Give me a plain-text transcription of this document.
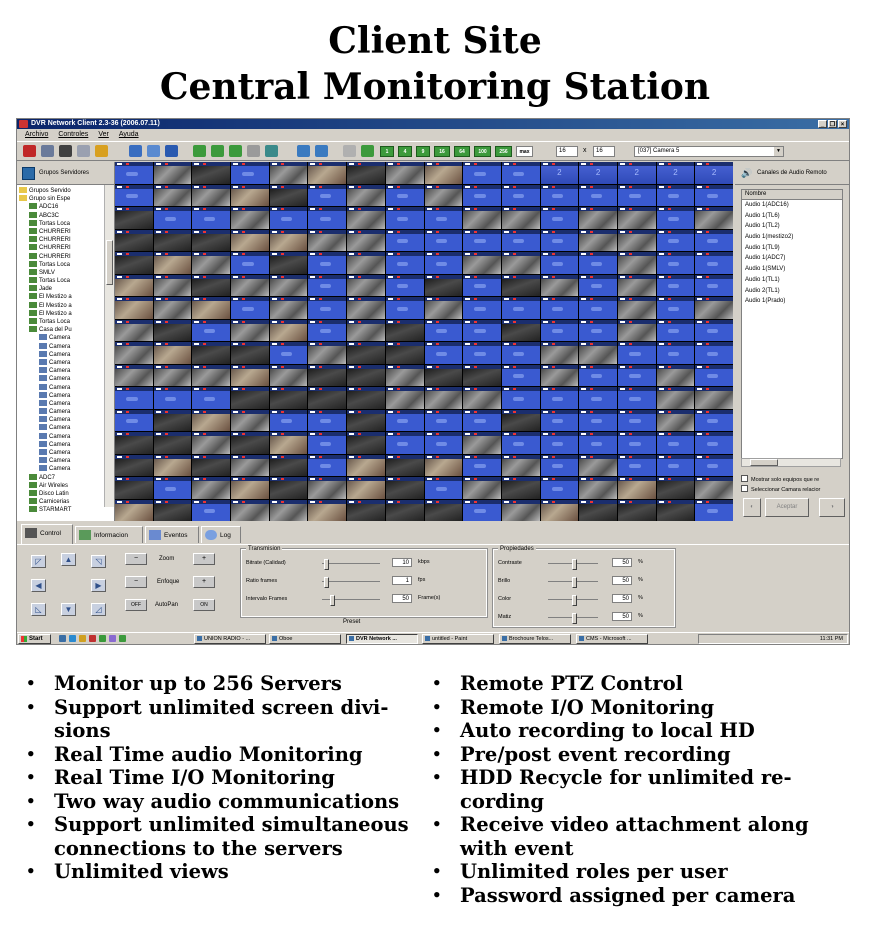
Client Site
Central Monitoring Station
DVR Network Client 2.3-36 (2006.07.11)	_ ❐ ×
Archivo Controles Ver Ayuda
1	4	9	16	64	100	256	max	16	x	16	[037] Camera 5	▼
Grupos Servidores
Grupos Servido
Grupo sin Espe
ADC16
ABC3C
Tortas Loca
CHURRERI
CHURRERI
CHURRERI
CHURRERI
Tortas Loca
SMLV
Tortas Loca
Jade
El Mestizo a
El Mestizo a
El Mestizo a
Tortas Loca
Casa del Pu
Camera
Camera
Camera
Camera
Camera
Camera
Camera
Camera
Camera
Camera
Camera
Camera
Camera
Camera
Camera
Camera
Camera
ADC7
Air Wireles
Disco Latin
Carnicerias
STARMART
2
2
2
2
2
🔊 Canales de Audio Remoto
Nombre
Audio 1(ADC16)
Audio 1(TL6)
Audio 1(TL2)
Audio 1(mestizo2)
Audio 1(TL9)
Audio 1(ADC7)
Audio 1(SMLV)
Audio 1(TL1)
Audio 2(TL1)
Audio 1(Prado)
Mostrar solo equipos que re
Seleccionar Camara relacior
◐	Aceptar	◑
Control	Informacion	Eventos	Log
◸	▲	◹
◀	▶
◺	▼	◿
−	Zoom	+
−	Enfoque	+
OFF	AutoPan	ON
Transmision
Bitrate (Calidad)	10	kbps
Ratio frames	1	fps
Intervalo Frames	50	Frame(s)
Preset
Propiedades
Contraste	50	%
Brillo	50	%
Color	50	%
Matiz	50	%
Start	UNION RADIO - ...	Oboe	DVR Network ...	untitled - Paint	Brochoure Telos...	CMS - Microsoft ...	11:31 PM
• Monitor up to 256 Servers
• Support unlimited screen divi-sions
• Real Time audio Monitoring
• Real Time I/O Monitoring
• Two way audio communications
• Support unlimited simultaneous connections to the servers
• Unlimited views
• Remote PTZ Control
• Remote I/O Monitoring
• Auto recording to local HD
• Pre/post event recording
• HDD Recycle for unlimited re-cording
• Receive video attachment along with event
• Unlimited roles per user
• Password assigned per camera
